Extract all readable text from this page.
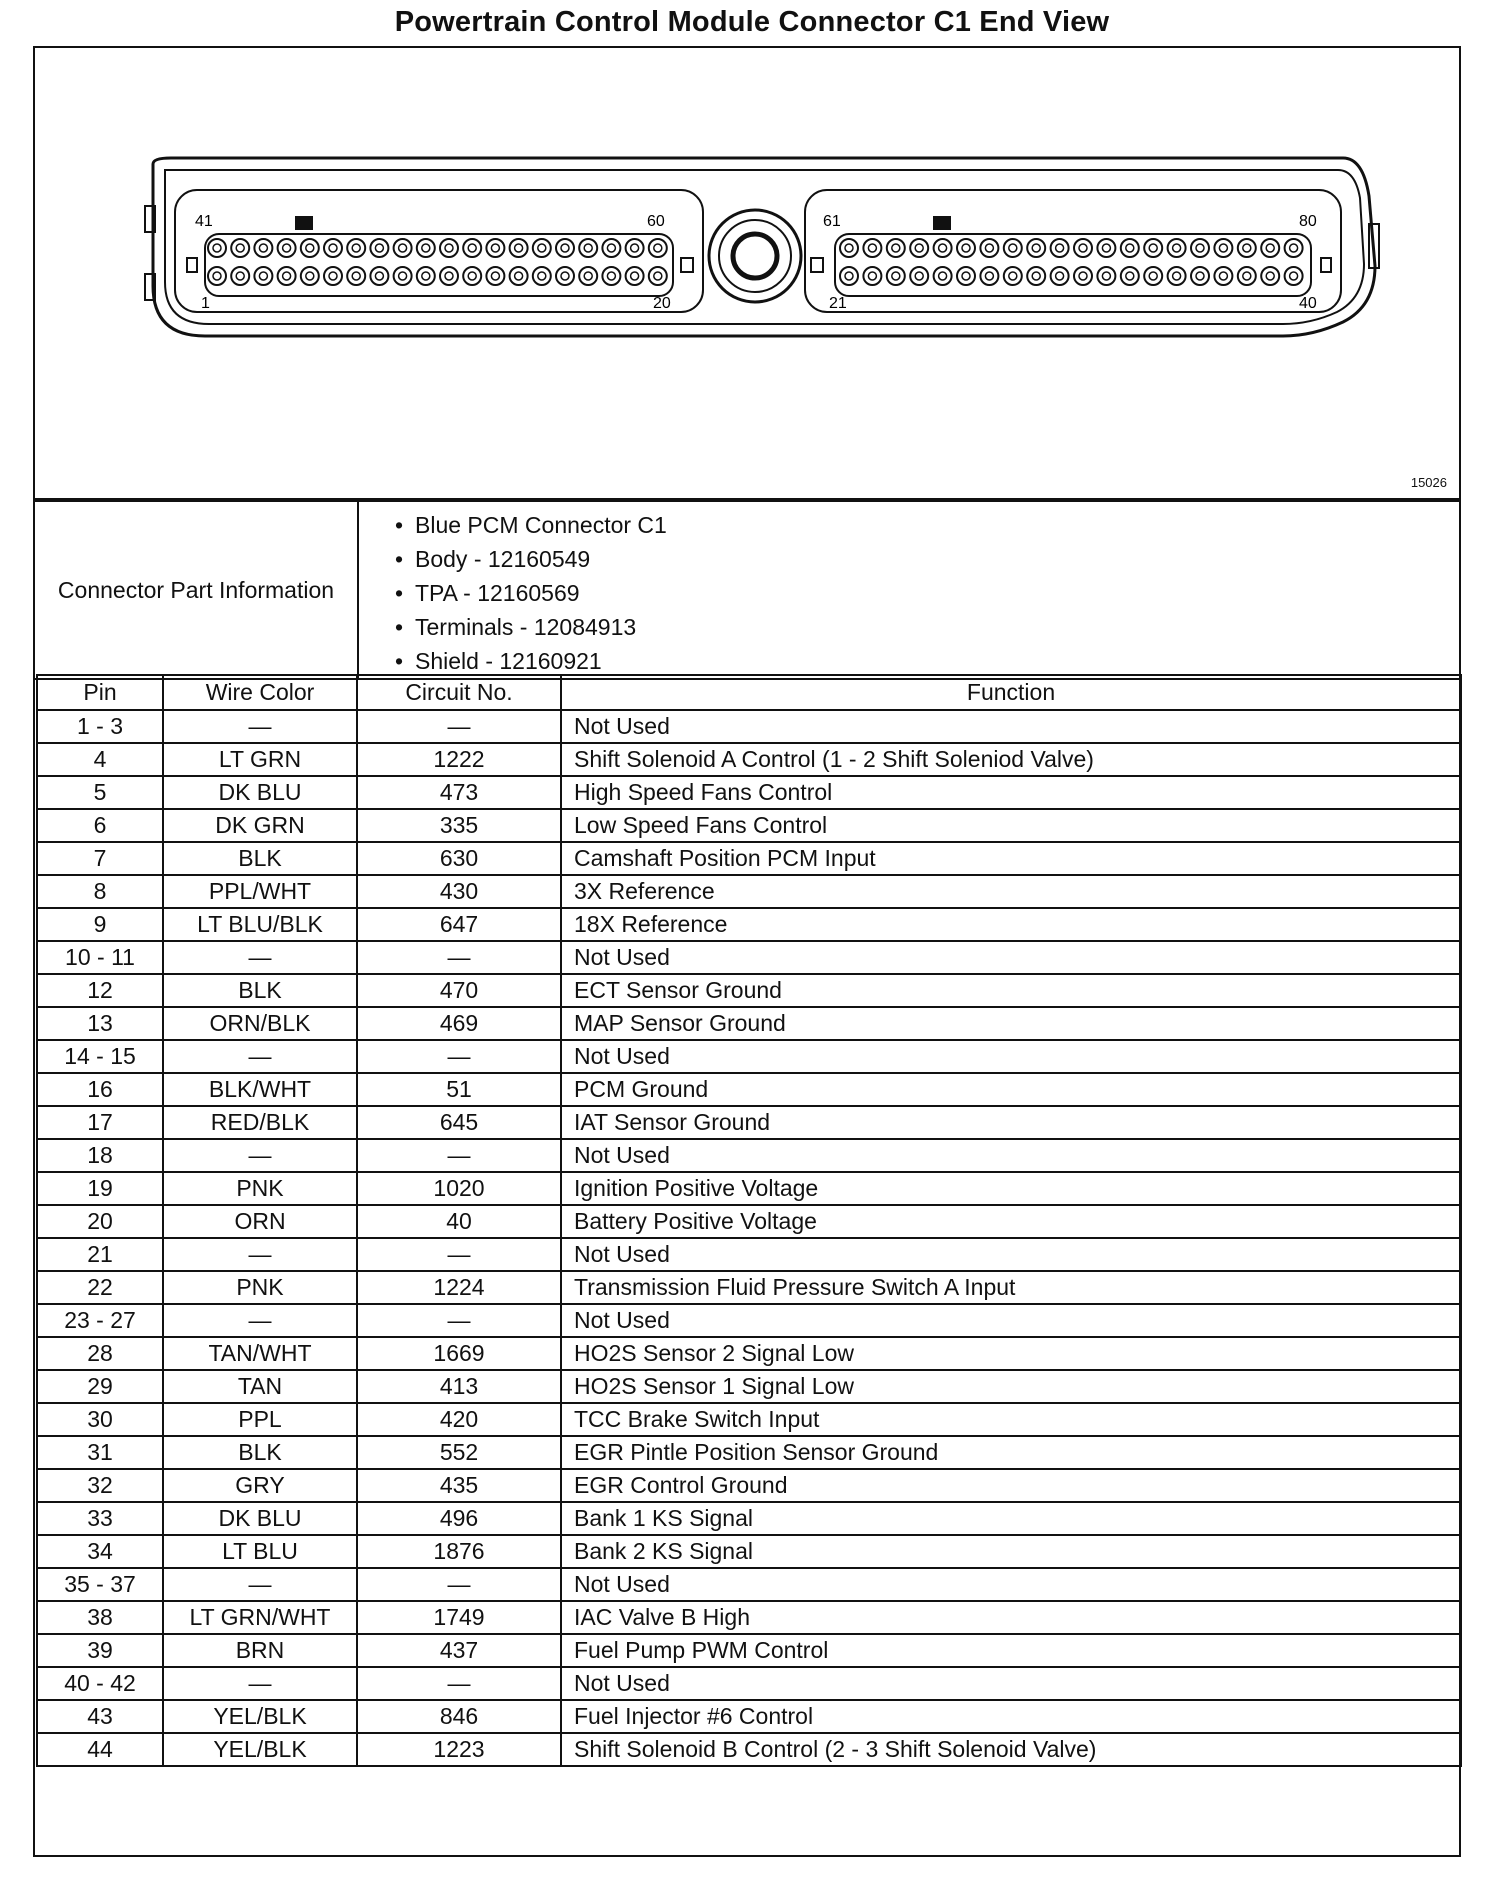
Powertrain Control Module Connector C1 End View
41	60
1	20
61	80
21	40
15026
Connector Part Information	
• Blue PCM Connector C1
• Body - 12160549
• TPA - 12160569
• Terminals - 12084913
• Shield - 12160921
Pin	Wire Color	Circuit No.	Function
1 - 3	—	—	Not Used
4	LT GRN	1222	Shift Solenoid A Control (1 - 2 Shift Soleniod Valve)
5	DK BLU	473	High Speed Fans Control
6	DK GRN	335	Low Speed Fans Control
7	BLK	630	Camshaft Position PCM Input
8	PPL/WHT	430	3X Reference
9	LT BLU/BLK	647	18X Reference
10 - 11	—	—	Not Used
12	BLK	470	ECT Sensor Ground
13	ORN/BLK	469	MAP Sensor Ground
14 - 15	—	—	Not Used
16	BLK/WHT	51	PCM Ground
17	RED/BLK	645	IAT Sensor Ground
18	—	—	Not Used
19	PNK	1020	Ignition Positive Voltage
20	ORN	40	Battery Positive Voltage
21	—	—	Not Used
22	PNK	1224	Transmission Fluid Pressure Switch A Input
23 - 27	—	—	Not Used
28	TAN/WHT	1669	HO2S Sensor 2 Signal Low
29	TAN	413	HO2S Sensor 1 Signal Low
30	PPL	420	TCC Brake Switch Input
31	BLK	552	EGR Pintle Position Sensor Ground
32	GRY	435	EGR Control Ground
33	DK BLU	496	Bank 1 KS Signal
34	LT BLU	1876	Bank 2 KS Signal
35 - 37	—	—	Not Used
38	LT GRN/WHT	1749	IAC Valve B High
39	BRN	437	Fuel Pump PWM Control
40 - 42	—	—	Not Used
43	YEL/BLK	846	Fuel Injector #6 Control
44	YEL/BLK	1223	Shift Solenoid B Control (2 - 3 Shift Solenoid Valve)
